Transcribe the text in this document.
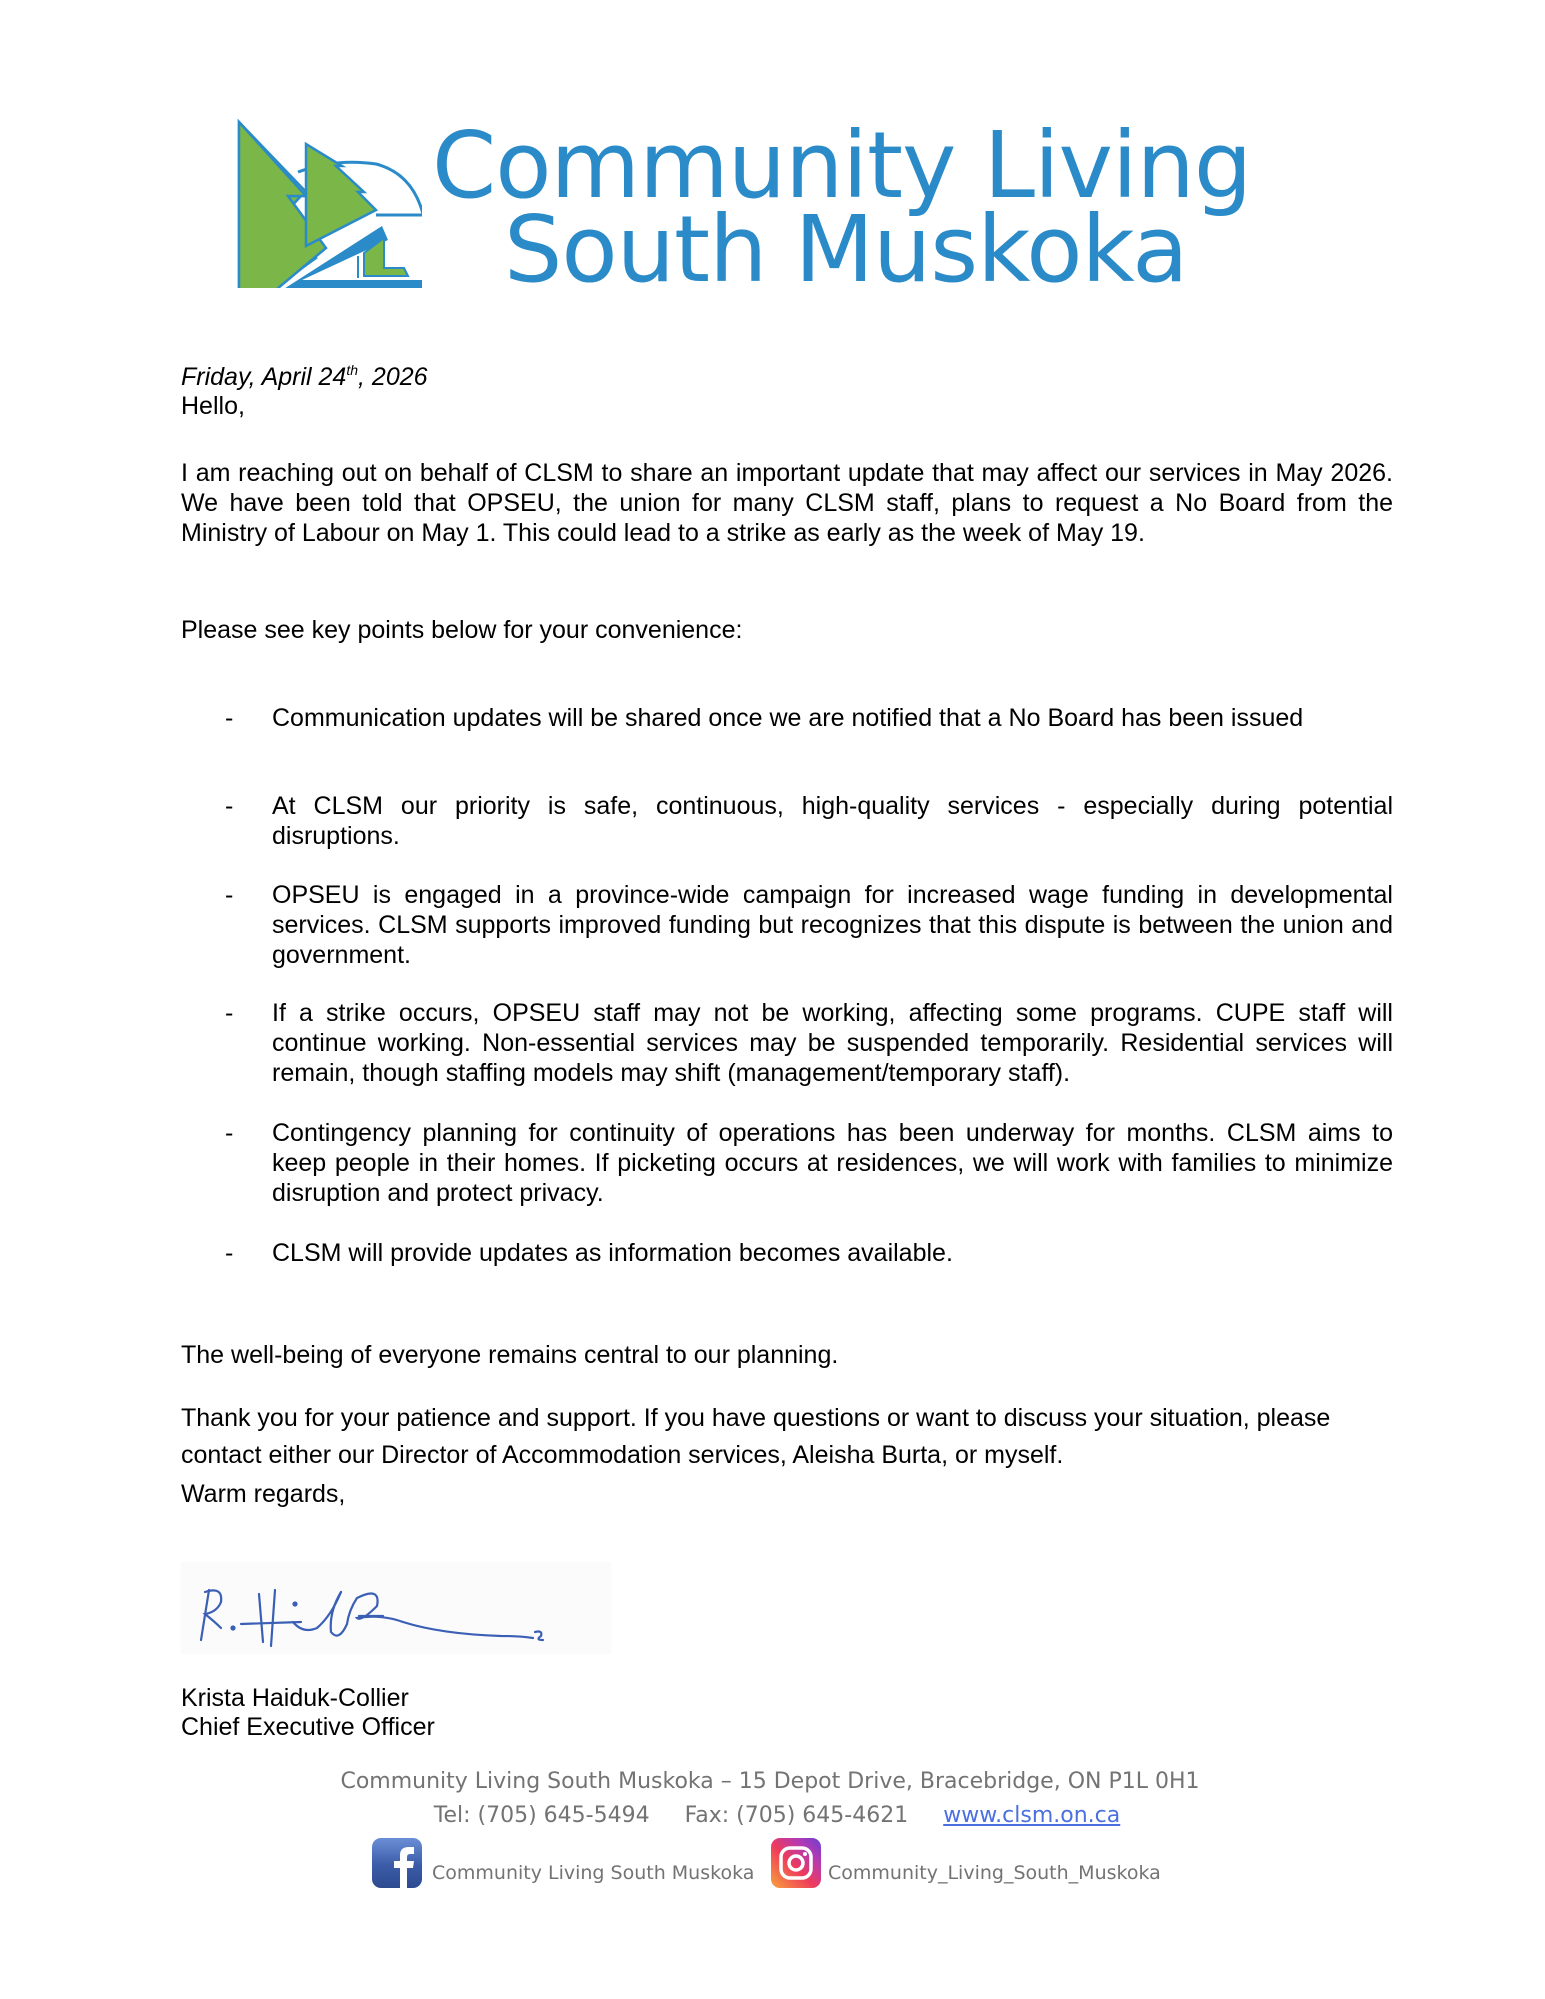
Community Living
South Muskoka
Friday, April 24th, 2026
Hello,
I am reaching out on behalf of CLSM to share an important update that may affect our services in May 2026. We have been told that OPSEU, the union for many CLSM staff, plans to request a No Board from the Ministry of Labour on May 1. This could lead to a strike as early as the week of May 19.
Please see key points below for your convenience:
- Communication updates will be shared once we are notified that a No Board has been issued
- At CLSM our priority is safe, continuous, high-quality services - especially during potential disruptions.
- OPSEU is engaged in a province-wide campaign for increased wage funding in developmental services. CLSM supports improved funding but recognizes that this dispute is between the union and government.
- If a strike occurs, OPSEU staff may not be working, affecting some programs. CUPE staff will continue working. Non-essential services may be suspended temporarily. Residential services will remain, though staffing models may shift (management/temporary staff).
- Contingency planning for continuity of operations has been underway for months. CLSM aims to keep people in their homes. If picketing occurs at residences, we will work with families to minimize disruption and protect privacy.
- CLSM will provide updates as information becomes available.
The well-being of everyone remains central to our planning.
Thank you for your patience and support. If you have questions or want to discuss your situation, please contact either our Director of Accommodation services, Aleisha Burta, or myself.
Warm regards,
Krista Haiduk-Collier
Chief Executive Officer
Community Living South Muskoka – 15 Depot Drive, Bracebridge, ON P1L 0H1
Tel: (705) 645-5494 Fax: (705) 645-4621 www.clsm.on.ca
Community Living South Muskoka	Community_Living_South_Muskoka
